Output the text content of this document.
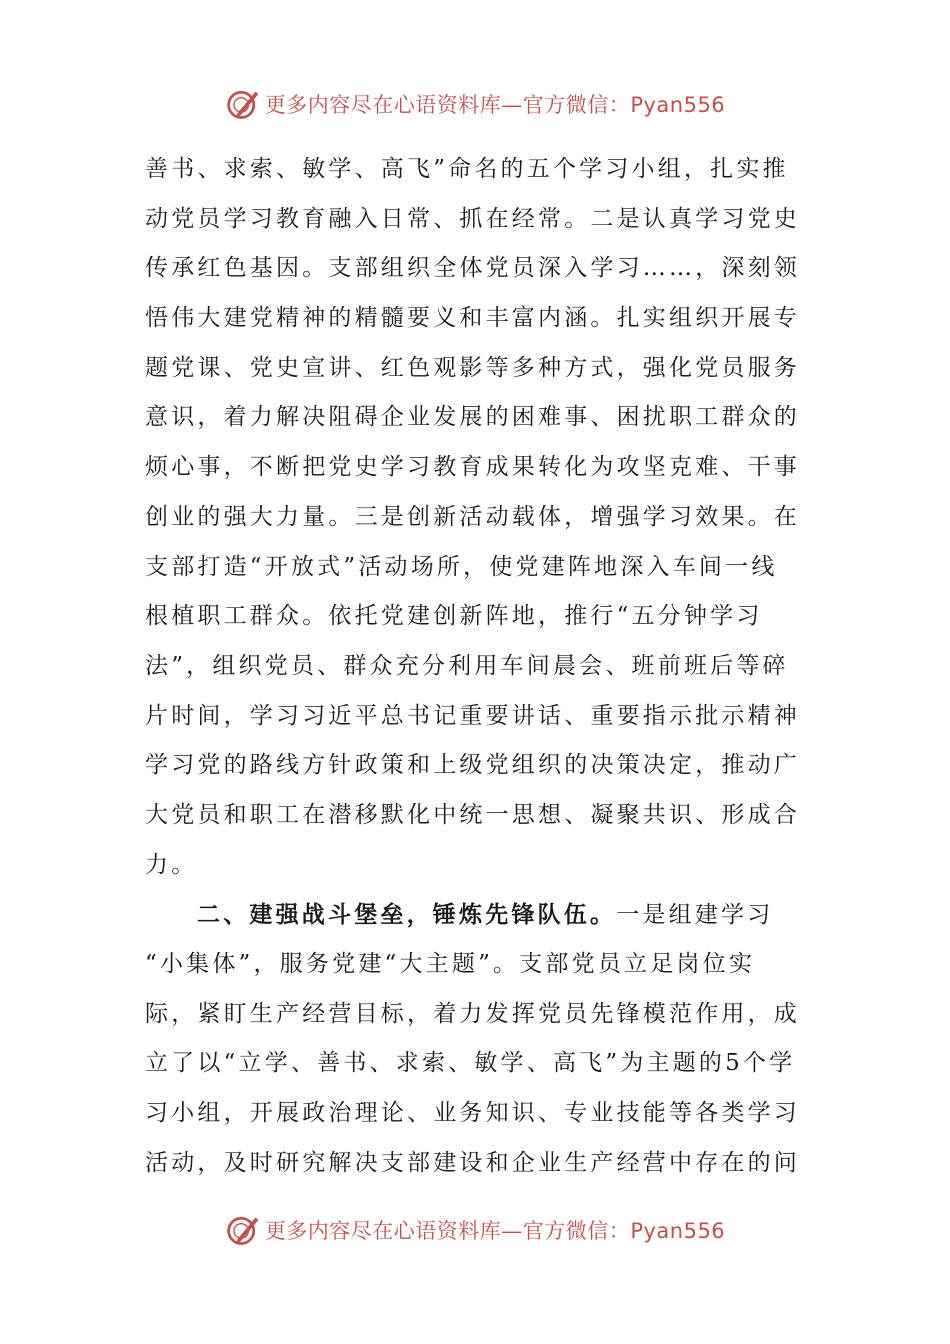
更多内容尽在心语资料库—官方微信：Pyan556
善书、求索、敏学、高飞”命名的五个学习小组，扎实推
动党员学习教育融入日常、抓在经常。二是认真学习党史
传承红色基因。支部组织全体党员深入学习……，深刻领
悟伟大建党精神的精髓要义和丰富内涵。扎实组织开展专
题党课、党史宣讲、红色观影等多种方式，强化党员服务
意识，着力解决阻碍企业发展的困难事、困扰职工群众的
烦心事，不断把党史学习教育成果转化为攻坚克难、干事
创业的强大力量。三是创新活动载体，增强学习效果。在
支部打造“开放式”活动场所，使党建阵地深入车间一线
根植职工群众。依托党建创新阵地，推行“五分钟学习
法”，组织党员、群众充分利用车间晨会、班前班后等碎
片时间，学习习近平总书记重要讲话、重要指示批示精神
学习党的路线方针政策和上级党组织的决策决定，推动广
大党员和职工在潜移默化中统一思想、凝聚共识、形成合
力。
二、建强战斗堡垒，锤炼先锋队伍。一是组建学习
“小集体”，服务党建“大主题”。支部党员立足岗位实
际，紧盯生产经营目标，着力发挥党员先锋模范作用，成
立了以“立学、善书、求索、敏学、高飞”为主题的5个学
习小组，开展政治理论、业务知识、专业技能等各类学习
活动，及时研究解决支部建设和企业生产经营中存在的问
更多内容尽在心语资料库—官方微信：Pyan556
